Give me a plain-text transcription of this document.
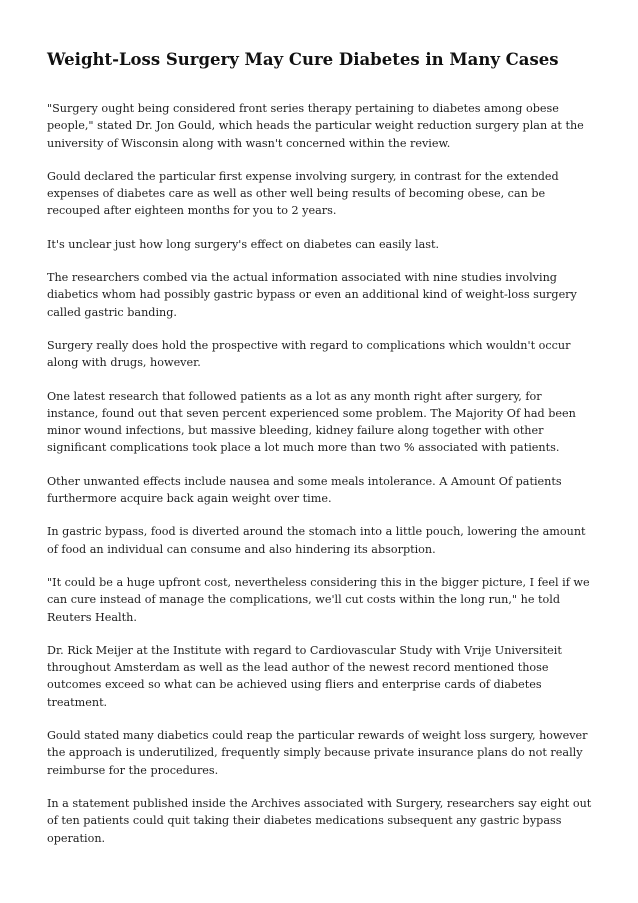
Weight-Loss Surgery May Cure Diabetes in Many Cases

"Surgery ought being considered front series therapy pertaining to diabetes among obese people," stated Dr. Jon Gould, which heads the particular weight reduction surgery plan at the university of Wisconsin along with wasn't concerned within the review.

Gould declared the particular first expense involving surgery, in contrast for the extended expenses of diabetes care as well as other well being results of becoming obese, can be recouped after eighteen months for you to 2 years.

It's unclear just how long surgery's effect on diabetes can easily last.

The researchers combed via the actual information associated with nine studies involving diabetics whom had possibly gastric bypass or even an additional kind of weight-loss surgery called gastric banding.

Surgery really does hold the prospective with regard to complications which wouldn't occur along with drugs, however.

One latest research that followed patients as a lot as any month right after surgery, for instance, found out that seven percent experienced some problem. The Majority Of had been minor wound infections, but massive bleeding, kidney failure along together with other significant complications took place a lot much more than two % associated with patients.

Other unwanted effects include nausea and some meals intolerance. A Amount Of patients furthermore acquire back again weight over time.

In gastric bypass, food is diverted around the stomach into a little pouch, lowering the amount of food an individual can consume and also hindering its absorption.

"It could be a huge upfront cost, nevertheless considering this in the bigger picture, I feel if we can cure instead of manage the complications, we'll cut costs within the long run," he told Reuters Health.

Dr. Rick Meijer at the Institute with regard to Cardiovascular Study with Vrije Universiteit throughout Amsterdam as well as the lead author of the newest record mentioned those outcomes exceed so what can be achieved using fliers and enterprise cards of diabetes treatment.

Gould stated many diabetics could reap the particular rewards of weight loss surgery, however the approach is underutilized, frequently simply because private insurance plans do not really reimburse for the procedures.

In a statement published inside the Archives associated with Surgery, researchers say eight out of ten patients could quit taking their diabetes medications subsequent any gastric bypass operation.
